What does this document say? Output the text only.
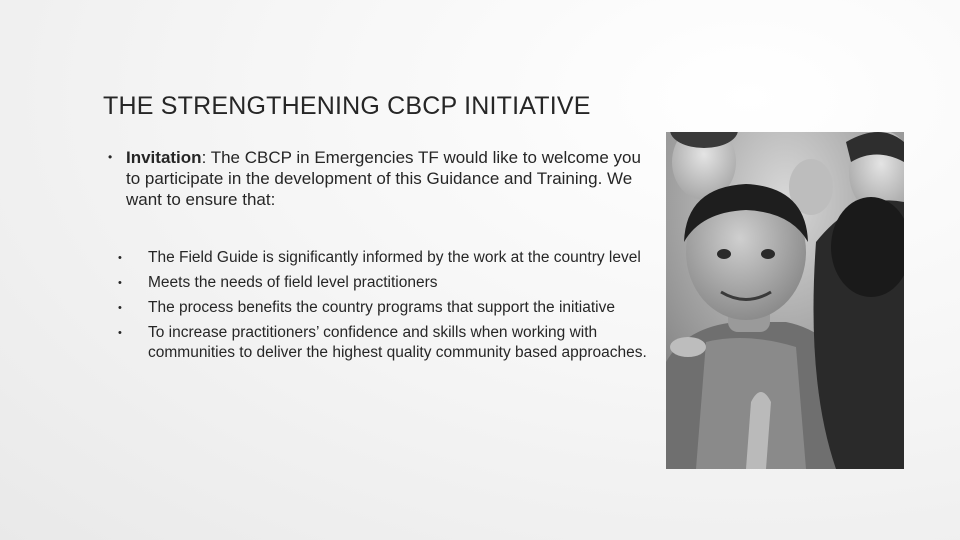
THE STRENGTHENING CBCP INITIATIVE
• Invitation: The CBCP in Emergencies TF would like to welcome you to participate in the development of this Guidance and Training. We want to ensure that:
• The Field Guide is significantly informed by the work at the country level
• Meets the needs of field level practitioners
• The process benefits the country programs that support the initiative
• To increase practitioners’ confidence and skills when working with communities to deliver the highest quality community based approaches.
